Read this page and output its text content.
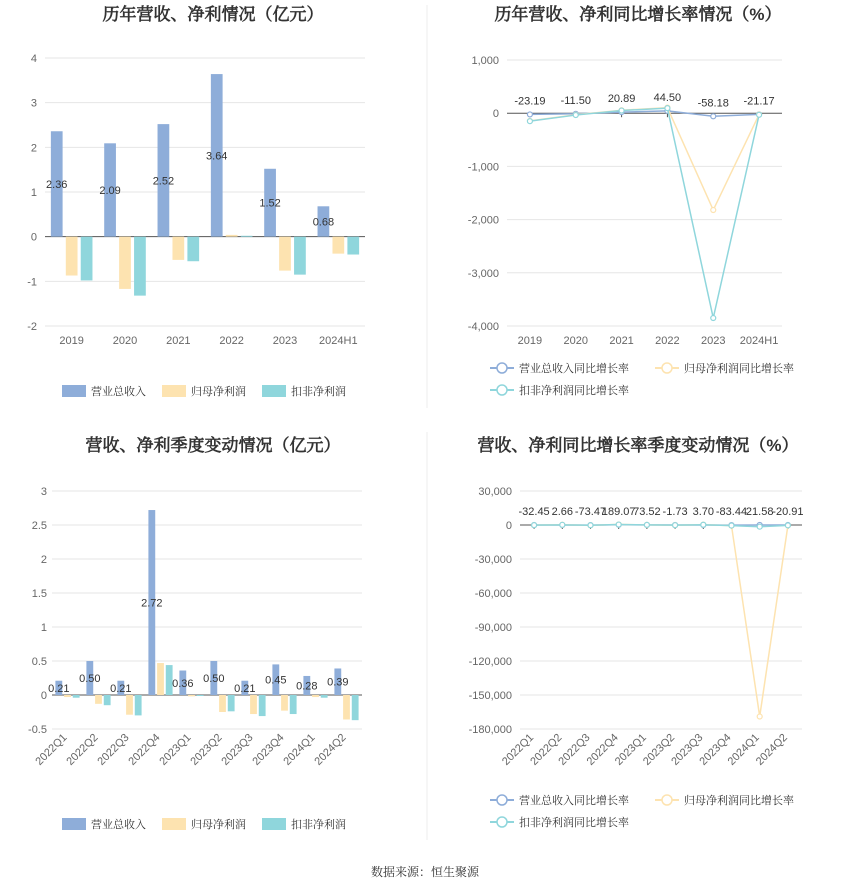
历年营收、净利情况（亿元）
-2
-1
0
1
2
3
4
2019	2020	2021	2022	2023 2024H1
2.36
2.09
2.52
3.64
1.52
0.68
营业总收入	归母净利润	扣非净利润
历年营收、净利同比增长率情况（%）
-4,000
-3,000
-2,000
-1,000
0
1,000
2019 2020 2021 2022 2023 2024H1
-23.19 -11.50 20.89 44.50 -58.18 -21.17
营业总收入同比增长率	归母净利润同比增长率
扣非净利润同比增长率
营收、净利季度变动情况（亿元）
-0.5
0
0.5
1
1.5
2
2.5
3
2022Q1
2022Q2
2022Q3
2022Q4
2023Q1
2023Q2
2023Q3
2023Q4
2024Q1
2024Q2
0.21
0.50
0.21
2.72
0.36 0.50
0.21
0.45 0.28 0.39
营业总收入	归母净利润	扣非净利润
营收、净利同比增长率季度变动情况（%）
-180,000
-150,000
-120,000
-90,000
-60,000
-30,000
0
30,000
2022Q1
2022Q2
2022Q3
2022Q4
2023Q1
2023Q2
2023Q3
2023Q4
2024Q1
2024Q2
-32.45 2.66 -73.47
189.07
73.52 -1.73 3.70 -83.44
21.58
-20.91
营业总收入同比增长率	归母净利润同比增长率
扣非净利润同比增长率
数据来源：恒生聚源
